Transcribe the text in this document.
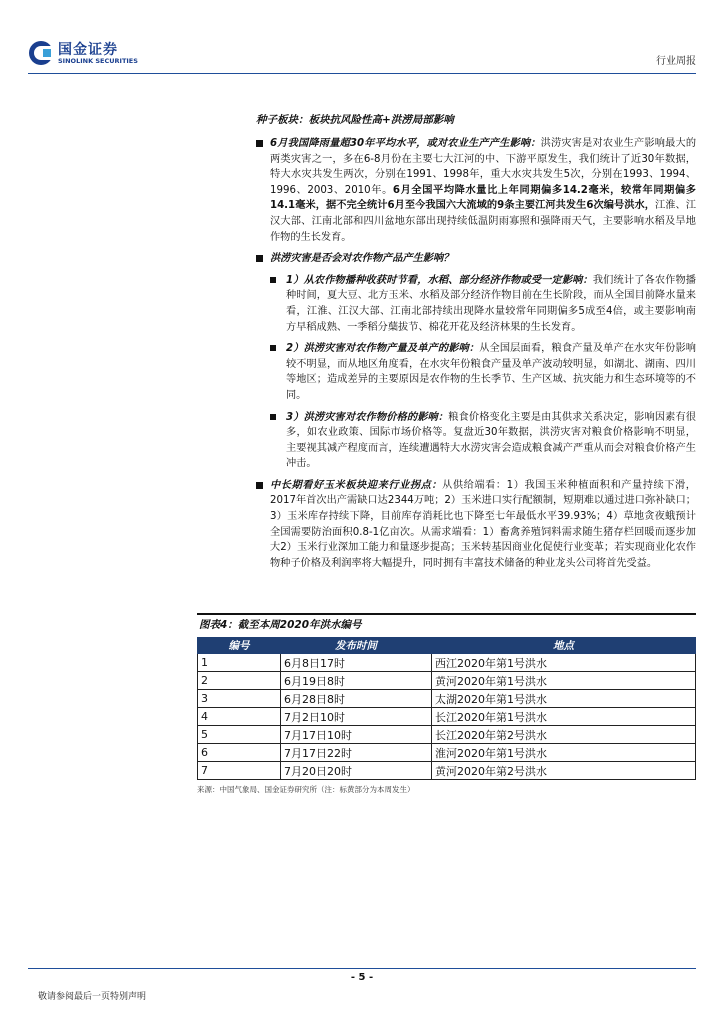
国金证券
SINOLINK SECURITIES	行业周报
种子板块：板块抗风险性高+洪涝局部影响
6月我国降雨量超30年平均水平，或对农业生产产生影响：洪涝灾害是对农业生产影响最大的两类灾害之一，多在6-8月份在主要七大江河的中、下游平原发生，我们统计了近30年数据，特大水灾共发生两次，分别在1991、1998年，重大水灾共发生5次，分别在1993、1994、1996、2003、2010年。6月全国平均降水量比上年同期偏多14.2毫米，较常年同期偏多14.1毫米，据不完全统计6月至今我国六大流域的9条主要江河共发生6次编号洪水，江淮、江汉大部、江南北部和四川盆地东部出现持续低温阴雨寡照和强降雨天气，主要影响水稻及旱地作物的生长发育。
洪涝灾害是否会对农作物产品产生影响？
1）从农作物播种收获时节看，水稻、部分经济作物或受一定影响：我们统计了各农作物播种时间，夏大豆、北方玉米、水稻及部分经济作物目前在生长阶段，而从全国目前降水量来看，江淮、江汉大部、江南北部持续出现降水量较常年同期偏多5成至4倍，或主要影响南方早稻成熟、一季稻分蘖拔节、棉花开花及经济林果的生长发育。
2）洪涝灾害对农作物产量及单产的影响：从全国层面看，粮食产量及单产在水灾年份影响较不明显，而从地区角度看，在水灾年份粮食产量及单产波动较明显，如湖北、湖南、四川等地区；造成差异的主要原因是农作物的生长季节、生产区域、抗灾能力和生态环境等的不同。
3）洪涝灾害对农作物价格的影响：粮食价格变化主要是由其供求关系决定，影响因素有很多，如农业政策、国际市场价格等。复盘近30年数据，洪涝灾害对粮食价格影响不明显，主要视其减产程度而言，连续遭遇特大水涝灾害会造成粮食减产严重从而会对粮食价格产生冲击。
中长期看好玉米板块迎来行业拐点：从供给端看：1）我国玉米种植面积和产量持续下滑，2017年首次出产需缺口达2344万吨；2）玉米进口实行配额制，短期难以通过进口弥补缺口；3）玉米库存持续下降，目前库存消耗比也下降至七年最低水平39.93%；4）草地贪夜蛾预计全国需要防治面积0.8-1亿亩次。从需求端看：1）畜禽养殖饲料需求随生猪存栏回暖而逐步加大2）玉米行业深加工能力和量逐步提高；玉米转基因商业化促使行业变革；若实现商业化农作物种子价格及利润率将大幅提升，同时拥有丰富技术储备的种业龙头公司将首先受益。
图表4：截至本周2020年洪水编号
编号	发布时间	地点
1	6月8日17时	西江2020年第1号洪水
2	6月19日8时	黄河2020年第1号洪水
3	6月28日8时	太湖2020年第1号洪水
4	7月2日10时	长江2020年第1号洪水
5	7月17日10时	长江2020年第2号洪水
6	7月17日22时	淮河2020年第1号洪水
7	7月20日20时	黄河2020年第2号洪水
来源：中国气象局、国金证券研究所（注：标黄部分为本周发生）
- 5 -
敬请参阅最后一页特别声明
